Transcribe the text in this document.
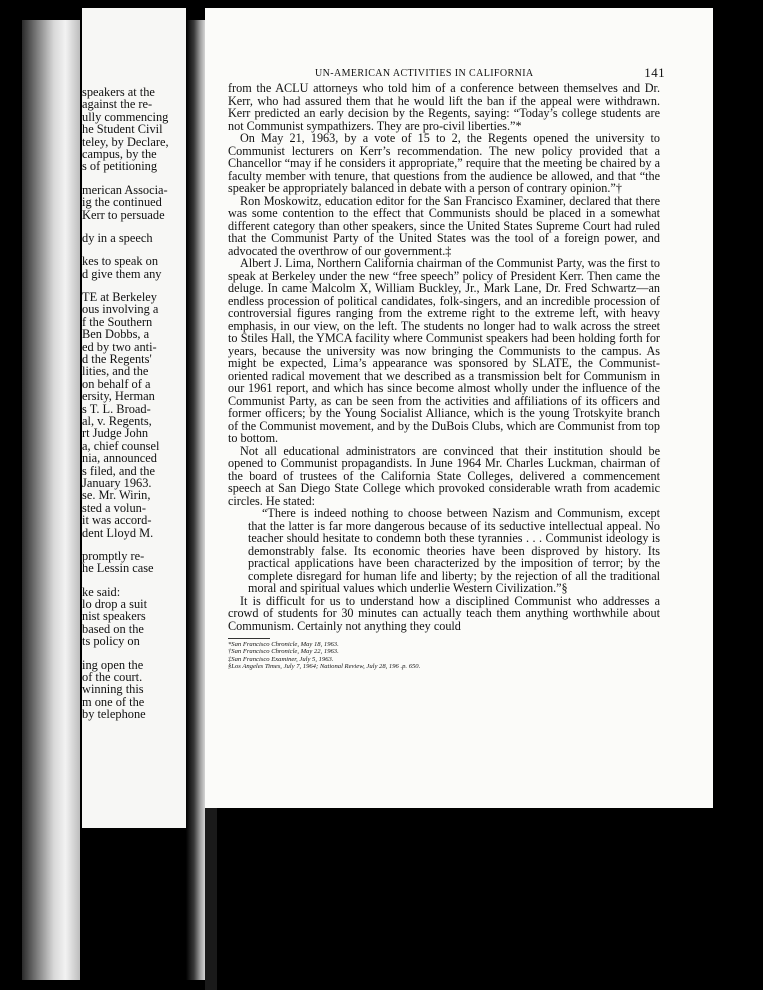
speakers at the
against the re-
ully commencing
he Student Civil
teley, by Declare,
campus, by the
s of petitioning
merican Associa-
ig the continued
Kerr to persuade
dy in a speech
kes to speak on
d give them any
TE at Berkeley
ous involving a
f the Southern
Ben Dobbs, a
ed by two anti-
d the Regents'
lities, and the
on behalf of a
ersity, Herman
s T. L. Broad-
al, v. Regents,
rt Judge John
a, chief counsel
nia, announced
s filed, and the
January 1963.
se. Mr. Wirin,
sted a volun-
it was accord-
dent Lloyd M.
promptly re-
he Lessin case
ke said:
lo drop a suit
nist speakers
based on the
ts policy on
ing open the
of the court.
winning this
m one of the
by telephone
UN-AMERICAN ACTIVITIES IN CALIFORNIA	141

from the ACLU attorneys who told him of a conference between themselves and Dr. Kerr, who had assured them that he would lift the ban if the appeal were withdrawn. Kerr predicted an early decision by the Regents, saying: “Today’s college students are not Communist sympathizers. They are pro-civil liberties.”*

On May 21, 1963, by a vote of 15 to 2, the Regents opened the university to Communist lecturers on Kerr’s recommendation. The new policy provided that a Chancellor “may if he considers it appropriate,” require that the meeting be chaired by a faculty member with tenure, that questions from the audience be allowed, and that “the speaker be appropriately balanced in debate with a person of contrary opinion.”†

Ron Moskowitz, education editor for the San Francisco Examiner, declared that there was some contention to the effect that Communists should be placed in a somewhat different category than other speakers, since the United States Supreme Court had ruled that the Communist Party of the United States was the tool of a foreign power, and advocated the overthrow of our government.‡

Albert J. Lima, Northern California chairman of the Communist Party, was the first to speak at Berkeley under the new “free speech” policy of President Kerr. Then came the deluge. In came Malcolm X, William Buckley, Jr., Mark Lane, Dr. Fred Schwartz—an endless procession of political candidates, folk-singers, and an incredible procession of controversial figures ranging from the extreme right to the extreme left, with heavy emphasis, in our view, on the left. The students no longer had to walk across the street to Stiles Hall, the YMCA facility where Communist speakers had been holding forth for years, because the university was now bringing the Communists to the campus. As might be expected, Lima’s appearance was sponsored by SLATE, the Communist-oriented radical movement that we described as a transmission belt for Communism in our 1961 report, and which has since become almost wholly under the influence of the Communist Party, as can be seen from the activities and affiliations of its officers and former officers; by the Young Socialist Alliance, which is the young Trotskyite branch of the Communist movement, and by the DuBois Clubs, which are Communist from top to bottom.

Not all educational administrators are convinced that their institution should be opened to Communist propagandists. In June 1964 Mr. Charles Luckman, chairman of the board of trustees of the California State Colleges, delivered a commencement speech at San Diego State College which provoked considerable wrath from academic circles. He stated:

“There is indeed nothing to choose between Nazism and Communism, except that the latter is far more dangerous because of its seductive intellectual appeal. No teacher should hesitate to condemn both these tyrannies . . . Communist ideology is demonstrably false. Its economic theories have been disproved by history. Its practical applications have been characterized by the imposition of terror; by the complete disregard for human life and liberty; by the rejection of all the traditional moral and spiritual values which underlie Western Civilization.”§

It is difficult for us to understand how a disciplined Communist who addresses a crowd of students for 30 minutes can actually teach them anything worthwhile about Communism. Certainly not anything they could

*San Francisco Chronicle, May 18, 1963.
†San Francisco Chronicle, May 22, 1963.
‡San Francisco Examiner, July 5, 1963.
§Los Angeles Times, July 7, 1964; National Review, July 28, 196 .p. 650.
